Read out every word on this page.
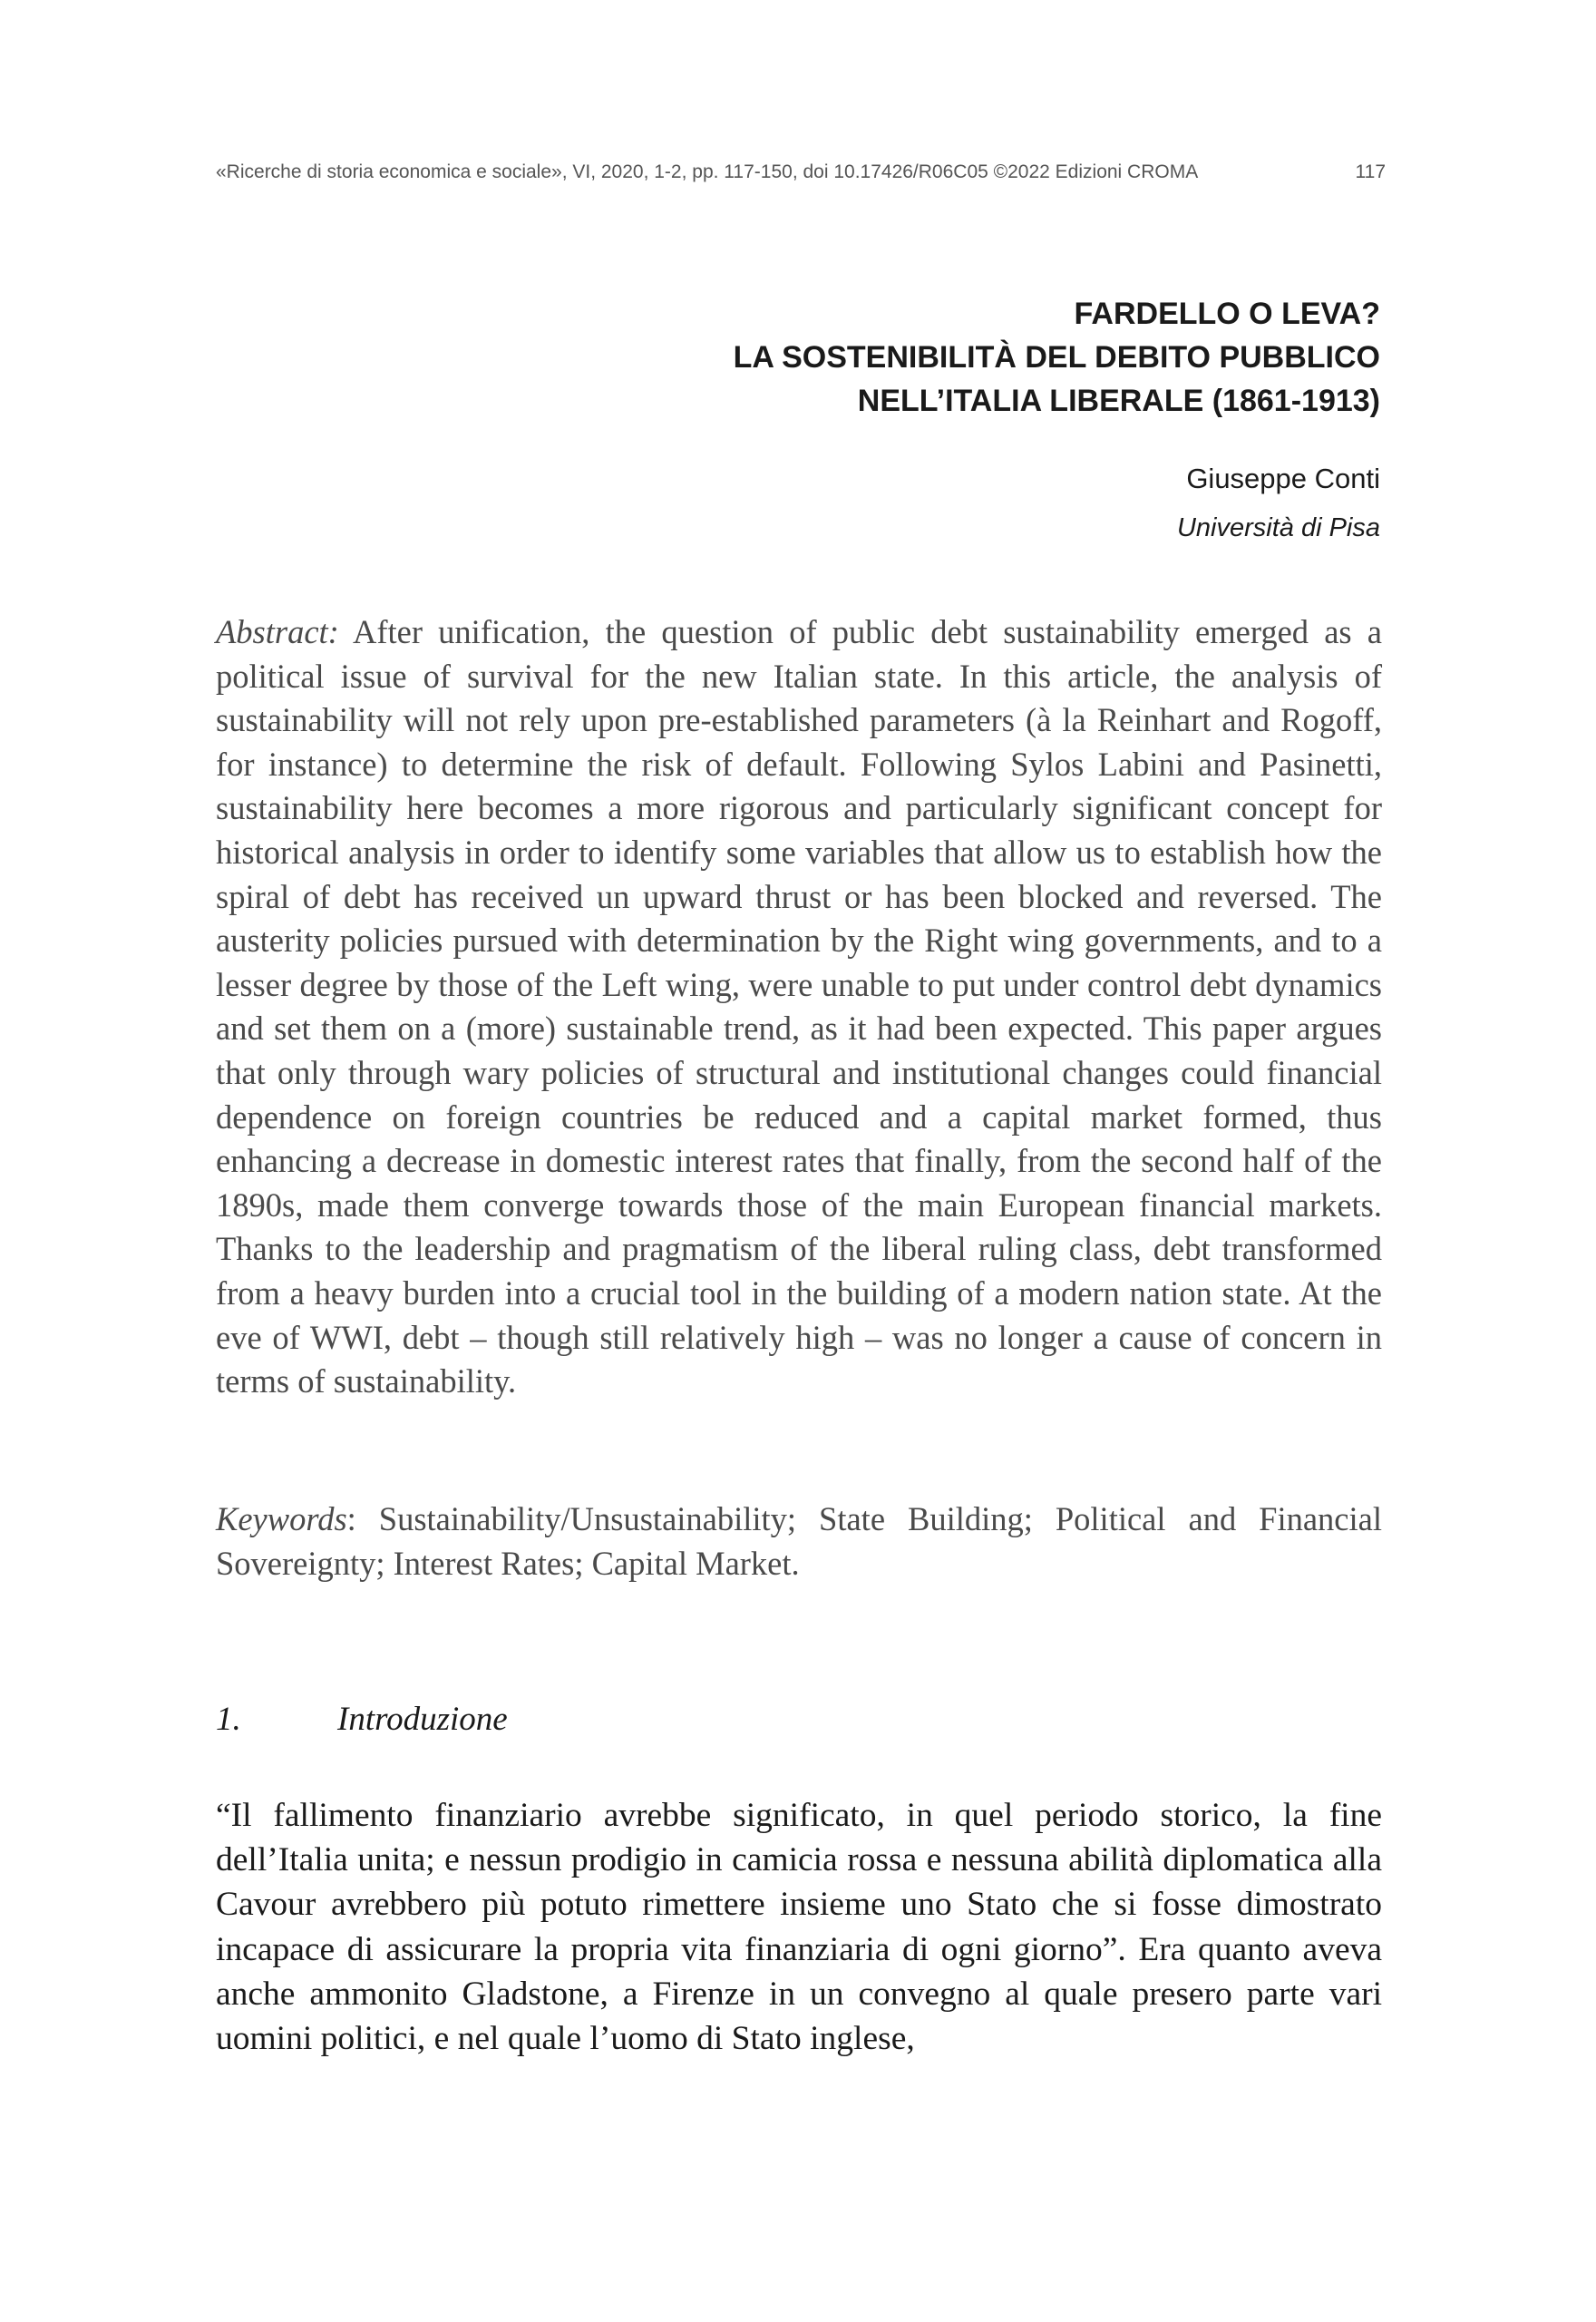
«Ricerche di storia economica e sociale», VI, 2020, 1-2, pp. 117-150, doi 10.17426/R06C05 ©2022 Edizioni CROMA	117
FARDELLO O LEVA?
LA SOSTENIBILITÀ DEL DEBITO PUBBLICO
NELL’ITALIA LIBERALE (1861-1913)
Giuseppe Conti
Università di Pisa

Abstract: After unification, the question of public debt sustainability emerged as a political issue of survival for the new Italian state. In this article, the analysis of sustainability will not rely upon pre-established parameters (à la Reinhart and Rogoff, for instance) to determine the risk of default. Following Sylos Labini and Pasinetti, sustainability here becomes a more rigorous and particularly significant concept for historical analysis in order to identify some variables that allow us to establish how the spiral of debt has received un upward thrust or has been blocked and reversed. The austerity policies pursued with determination by the Right wing governments, and to a lesser degree by those of the Left wing, were unable to put under control debt dynamics and set them on a (more) sustainable trend, as it had been expected. This paper argues that only through wary policies of structural and institutional changes could financial dependence on foreign countries be reduced and a capital market formed, thus enhancing a decrease in domestic interest rates that finally, from the second half of the 1890s, made them converge towards those of the main European financial markets. Thanks to the leadership and pragmatism of the liberal ruling class, debt transformed from a heavy burden into a crucial tool in the building of a modern nation state. At the eve of WWI, debt – though still relatively high – was no longer a cause of concern in terms of sustainability.

Keywords: Sustainability/Unsustainability; State Building; Political and Financial Sovereignty; Interest Rates; Capital Market.

1.	Introduzione

“Il fallimento finanziario avrebbe significato, in quel periodo storico, la fine dell’Italia unita; e nessun prodigio in camicia rossa e nessuna abilità diplomatica alla Cavour avrebbero più potuto rimettere insieme uno Stato che si fosse dimostrato incapace di assicurare la propria vita finanziaria di ogni giorno”. Era quanto aveva anche ammonito Gladstone, a Firenze in un convegno al quale presero parte vari uomini politici, e nel quale l’uomo di Stato inglese,
